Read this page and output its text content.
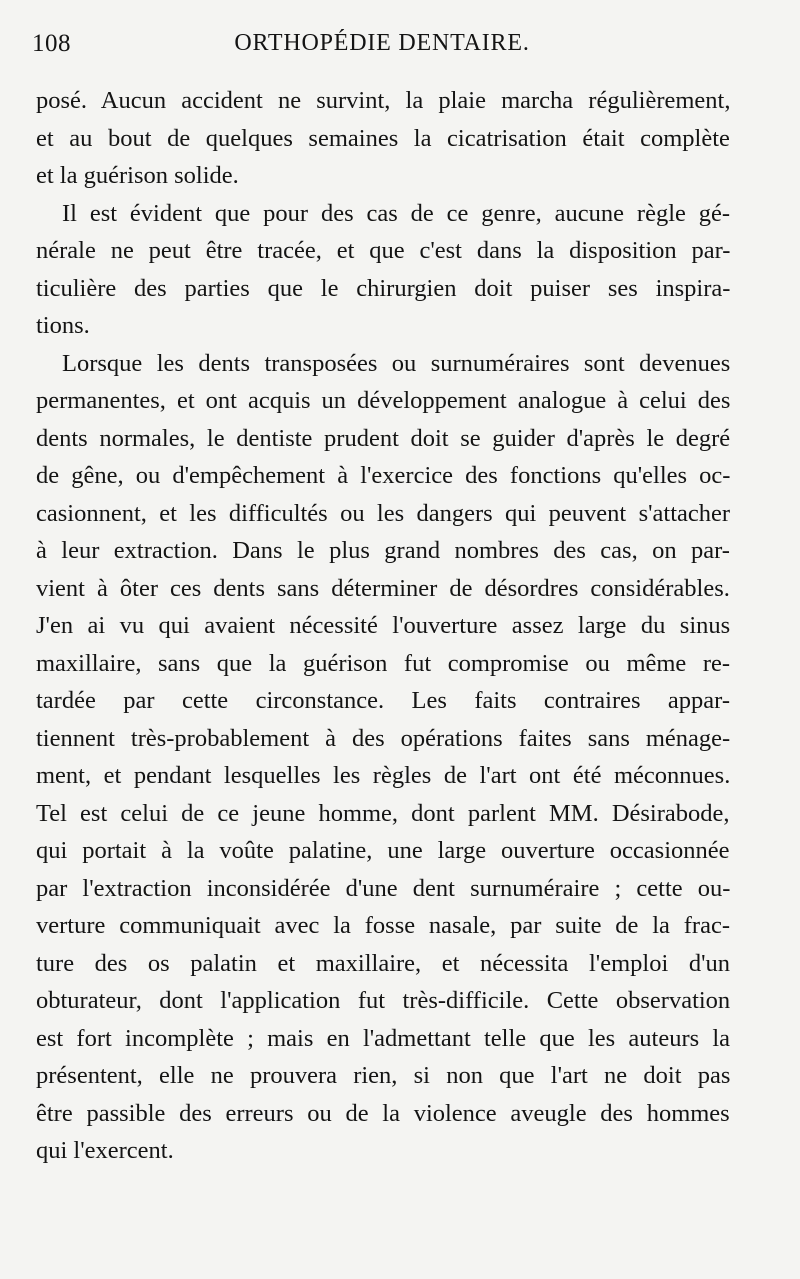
108	ORTHOPÉDIE DENTAIRE.

posé. Aucun accident ne survint, la plaie marcha régulièrement,
et au bout de quelques semaines la cicatrisation était complète
et la guérison solide.

Il est évident que pour des cas de ce genre, aucune règle gé-
nérale ne peut être tracée, et que c'est dans la disposition par-
ticulière des parties que le chirurgien doit puiser ses inspira-
tions.

Lorsque les dents transposées ou surnuméraires sont devenues
permanentes, et ont acquis un développement analogue à celui des
dents normales, le dentiste prudent doit se guider d'après le degré
de gêne, ou d'empêchement à l'exercice des fonctions qu'elles oc-
casionnent, et les difficultés ou les dangers qui peuvent s'attacher
à leur extraction. Dans le plus grand nombres des cas, on par-
vient à ôter ces dents sans déterminer de désordres considérables.
J'en ai vu qui avaient nécessité l'ouverture assez large du sinus
maxillaire, sans que la guérison fut compromise ou même re-
tardée par cette circonstance. Les faits contraires appar-
tiennent très-probablement à des opérations faites sans ménage-
ment, et pendant lesquelles les règles de l'art ont été méconnues.
Tel est celui de ce jeune homme, dont parlent MM. Désirabode,
qui portait à la voûte palatine, une large ouverture occasionnée
par l'extraction inconsidérée d'une dent surnuméraire ; cette ou-
verture communiquait avec la fosse nasale, par suite de la frac-
ture des os palatin et maxillaire, et nécessita l'emploi d'un
obturateur, dont l'application fut très-difficile. Cette observation
est fort incomplète ; mais en l'admettant telle que les auteurs la
présentent, elle ne prouvera rien, si non que l'art ne doit pas
être passible des erreurs ou de la violence aveugle des hommes
qui l'exercent.
